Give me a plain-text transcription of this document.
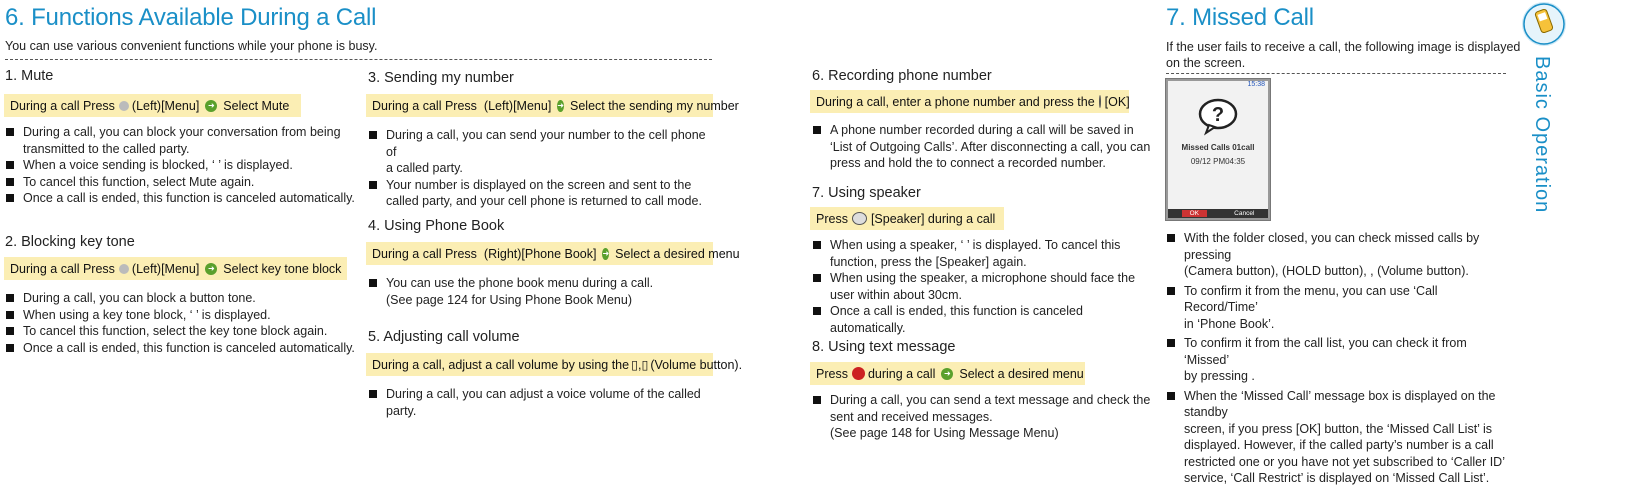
6. Functions Available During a Call
You can use various convenient functions while your phone is busy.
1. Mute
During a call Press (Left)[Menu]	➜ Select Mute
During a call, you can block your conversation from being
transmitted to the called party.
When a voice sending is blocked, ‘ ’ is displayed.
To cancel this function, select Mute again.
Once a call is ended, this function is canceled automatically.
2. Blocking key tone
During a call Press (Left)[Menu]	➜ Select key tone block
During a call, you can block a button tone.
When using a key tone block, ‘ ’ is displayed.
To cancel this function, select the key tone block again.
Once a call is ended, this function is canceled automatically.
3. Sending my number
During a call Press (Left)[Menu] ➜ Select the sending my number
During a call, you can send your number to the cell phone of
a called party.
Your number is displayed on the screen and sent to the
called party, and your cell phone is returned to call mode.
4. Using Phone Book
During a call Press (Right)[Phone Book] ➜ Select a desired menu
You can use the phone book menu during a call.
(See page 124 for Using Phone Book Menu)
5. Adjusting call volume
During a call, adjust a call volume by using the ▯,▯ (Volume button).
During a call, you can adjust a voice volume of the called party.
6. Recording phone number
During a call, enter a phone number and press the [OK]
A phone number recorded during a call will be saved in
‘List of Outgoing Calls’. After disconnecting a call, you can
press and hold the to connect a recorded number.
7. Using speaker
Press [Speaker] during a call
When using a speaker, ‘ ’ is displayed. To cancel this
function, press the [Speaker] again.
When using the speaker, a microphone should face the
user within about 30cm.
Once a call is ended, this function is canceled automatically.
8. Using text message
Press during a call	➜ Select a desired menu
During a call, you can send a text message and check the
sent and received messages.
(See page 148 for Using Message Menu)
7. Missed Call
If the user fails to receive a call, the following image is displayed
on the screen.
15:38
?
Missed Calls 01call
09/12 PM04:35
OK	Cancel
With the folder closed, you can check missed calls by pressing
(Camera button), (HOLD button), , (Volume button).
To confirm it from the menu, you can use ‘Call Record/Time’
in ‘Phone Book’.
To confirm it from the call list, you can check it from ‘Missed’
by pressing .
When the ‘Missed Call’ message box is displayed on the standby
screen, if you press [OK] button, the ‘Missed Call List’ is
displayed. However, if the called party’s number is a call
restricted one or you have not yet subscribed to ‘Caller ID’
service, ‘Call Restrict’ is displayed on ‘Missed Call List’.
Basic Operation
